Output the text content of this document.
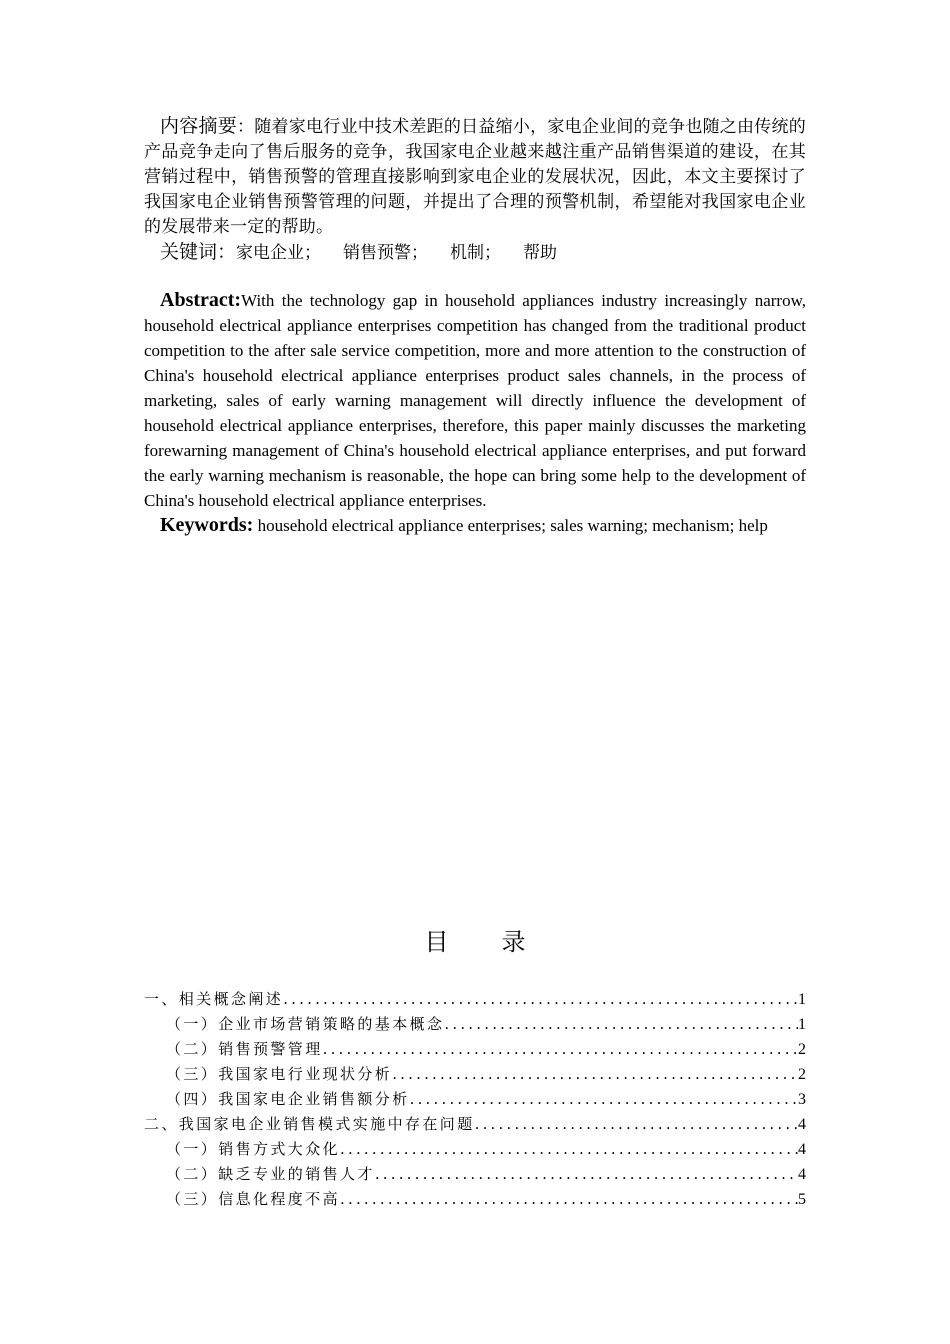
内容摘要：随着家电行业中技术差距的日益缩小，家电企业间的竞争也随之由传统的产品竞争走向了售后服务的竞争，我国家电企业越来越注重产品销售渠道的建设，在其营销过程中，销售预警的管理直接影响到家电企业的发展状况，因此，本文主要探讨了我国家电企业销售预警管理的问题，并提出了合理的预警机制，希望能对我国家电企业的发展带来一定的帮助。

关键词：家电企业； 销售预警； 机制； 帮助

Abstract:With the technology gap in household appliances industry increasingly narrow, household electrical appliance enterprises competition has changed from the traditional product competition to the after sale service competition, more and more attention to the construction of China's household electrical appliance enterprises product sales channels, in the process of marketing, sales of early warning management will directly influence the development of household electrical appliance enterprises, therefore, this paper mainly discusses the marketing forewarning management of China's household electrical appliance enterprises, and put forward the early warning mechanism is reasonable, the hope can bring some help to the development of China's household electrical appliance enterprises.

Keywords: household electrical appliance enterprises; sales warning; mechanism; help

目 录
一、相关概念阐述 .....	1
（一）企业市场营销策略的基本概念 .....	1
（二）销售预警管理 .....	2
（三）我国家电行业现状分析 .....	2
（四）我国家电企业销售额分析 .....	3
二、我国家电企业销售模式实施中存在问题 .....	4
（一）销售方式大众化 .....	4
（二）缺乏专业的销售人才 .....	4
（三）信息化程度不高 .....	5
